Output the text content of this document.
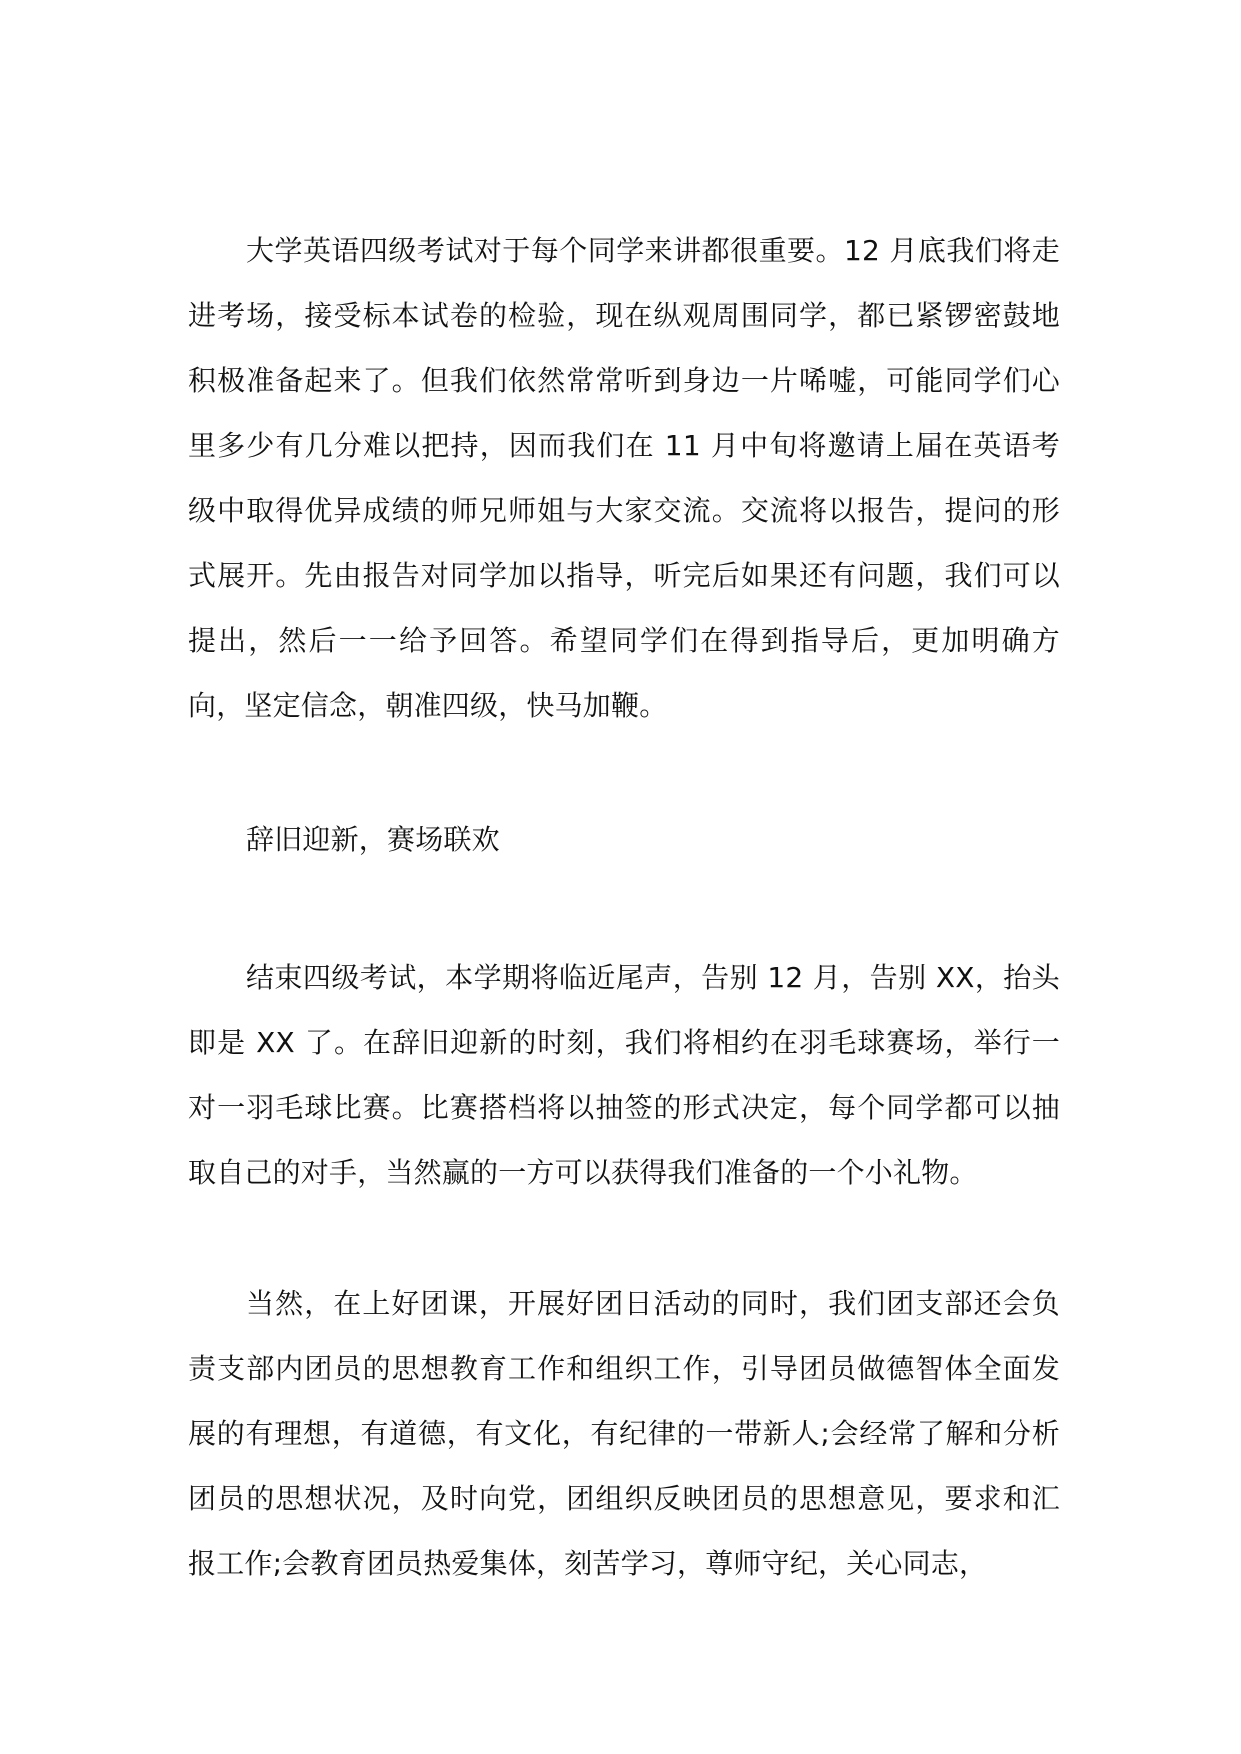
大学英语四级考试对于每个同学来讲都很重要。12 月底我们将走进考场，接受标本试卷的检验，现在纵观周围同学，都已紧锣密鼓地积极准备起来了。但我们依然常常听到身边一片唏嘘，可能同学们心里多少有几分难以把持，因而我们在 11 月中旬将邀请上届在英语考级中取得优异成绩的师兄师姐与大家交流。交流将以报告，提问的形式展开。先由报告对同学加以指导，听完后如果还有问题，我们可以提出，然后一一给予回答。希望同学们在得到指导后，更加明确方向，坚定信念，朝准四级，快马加鞭。

辞旧迎新，赛场联欢

结束四级考试，本学期将临近尾声，告别 12 月，告别 XX，抬头即是 XX 了。在辞旧迎新的时刻，我们将相约在羽毛球赛场，举行一对一羽毛球比赛。比赛搭档将以抽签的形式决定，每个同学都可以抽取自己的对手，当然赢的一方可以获得我们准备的一个小礼物。

当然，在上好团课，开展好团日活动的同时，我们团支部还会负责支部内团员的思想教育工作和组织工作，引导团员做德智体全面发展的有理想，有道德，有文化，有纪律的一带新人;会经常了解和分析团员的思想状况，及时向党，团组织反映团员的思想意见，要求和汇报工作;会教育团员热爱集体，刻苦学习，尊师守纪，关心同志，
